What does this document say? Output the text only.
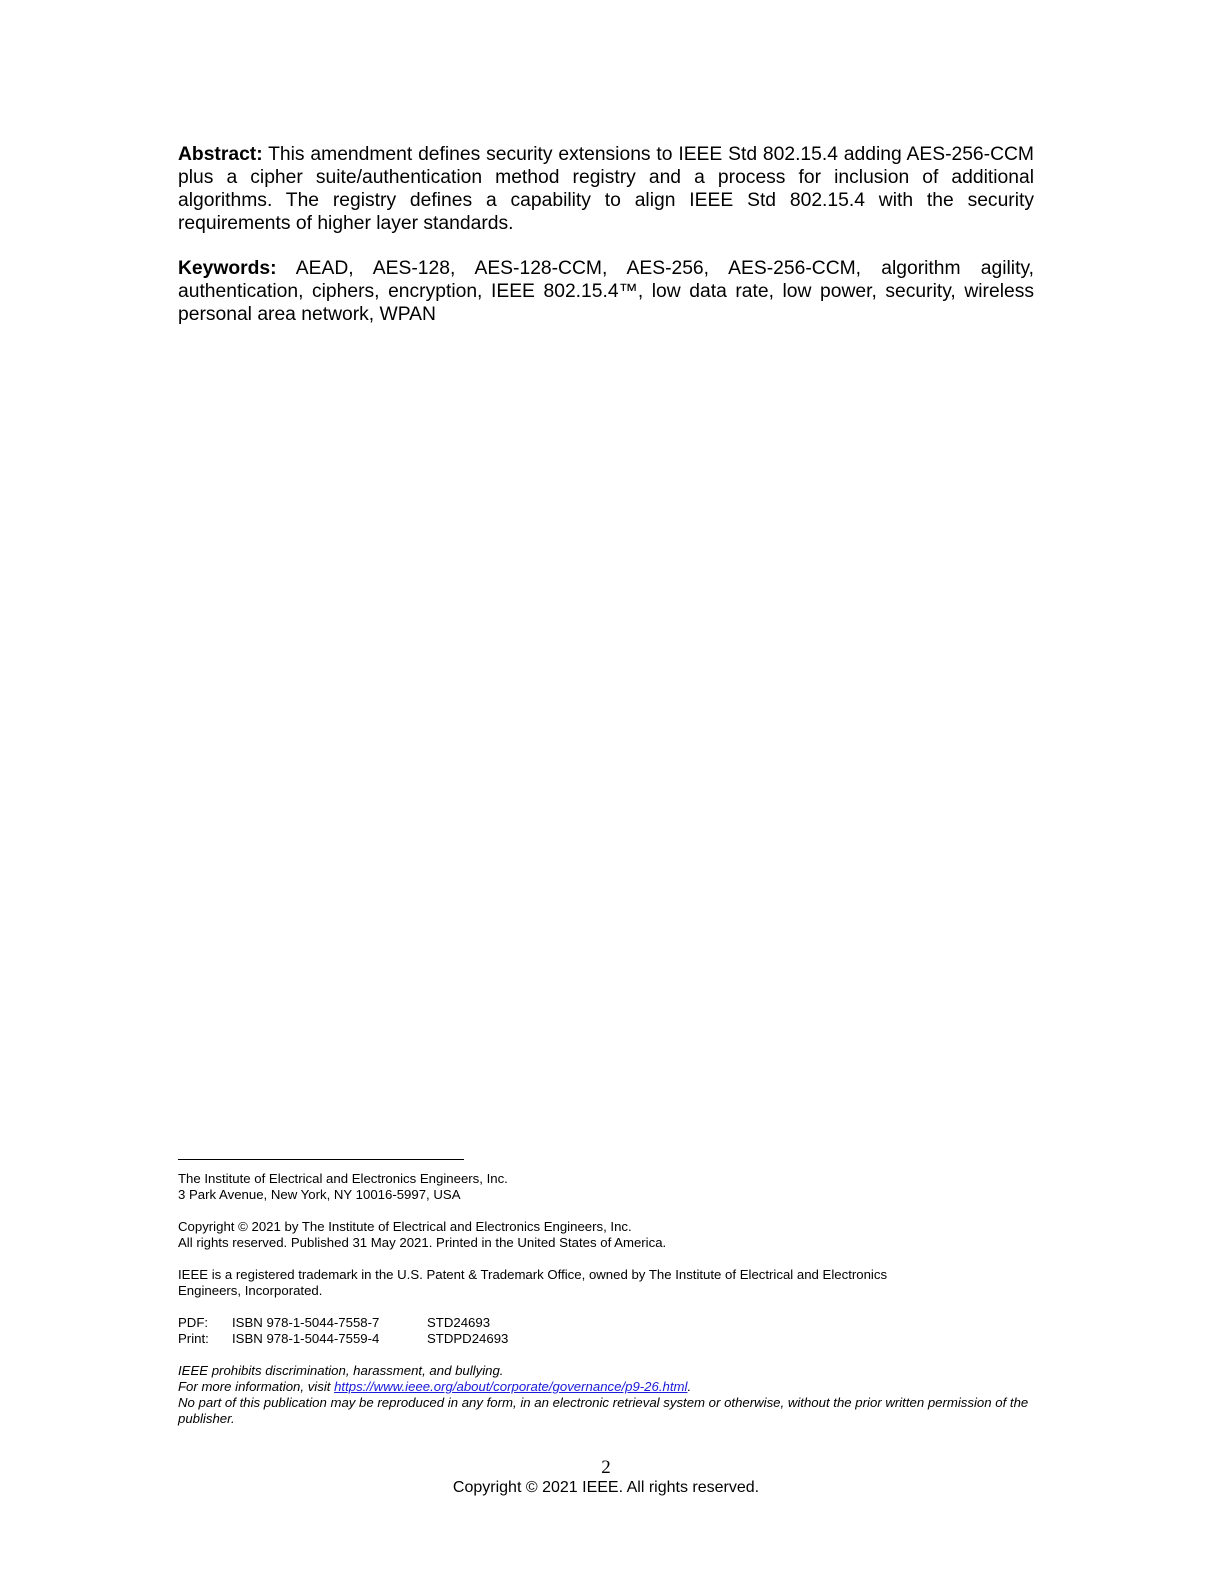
Abstract: This amendment defines security extensions to IEEE Std 802.15.4 adding AES-256-CCM plus a cipher suite/authentication method registry and a process for inclusion of additional algorithms. The registry defines a capability to align IEEE Std 802.15.4 with the security requirements of higher layer standards.

Keywords: AEAD, AES-128, AES-128-CCM, AES-256, AES-256-CCM, algorithm agility, authentication, ciphers, encryption, IEEE 802.15.4™, low data rate, low power, security, wireless personal area network, WPAN

The Institute of Electrical and Electronics Engineers, Inc.
3 Park Avenue, New York, NY 10016-5997, USA
Copyright © 2021 by The Institute of Electrical and Electronics Engineers, Inc.
All rights reserved. Published 31 May 2021. Printed in the United States of America.
IEEE is a registered trademark in the U.S. Patent & Trademark Office, owned by The Institute of Electrical and Electronics Engineers, Incorporated.
PDF: ISBN 978-1-5044-7558-7	STD24693
Print: ISBN 978-1-5044-7559-4	STDPD24693
IEEE prohibits discrimination, harassment, and bullying.
For more information, visit https://www.ieee.org/about/corporate/governance/p9-26.html.
No part of this publication may be reproduced in any form, in an electronic retrieval system or otherwise, without the prior written permission of the publisher.
2
Copyright © 2021 IEEE. All rights reserved.
